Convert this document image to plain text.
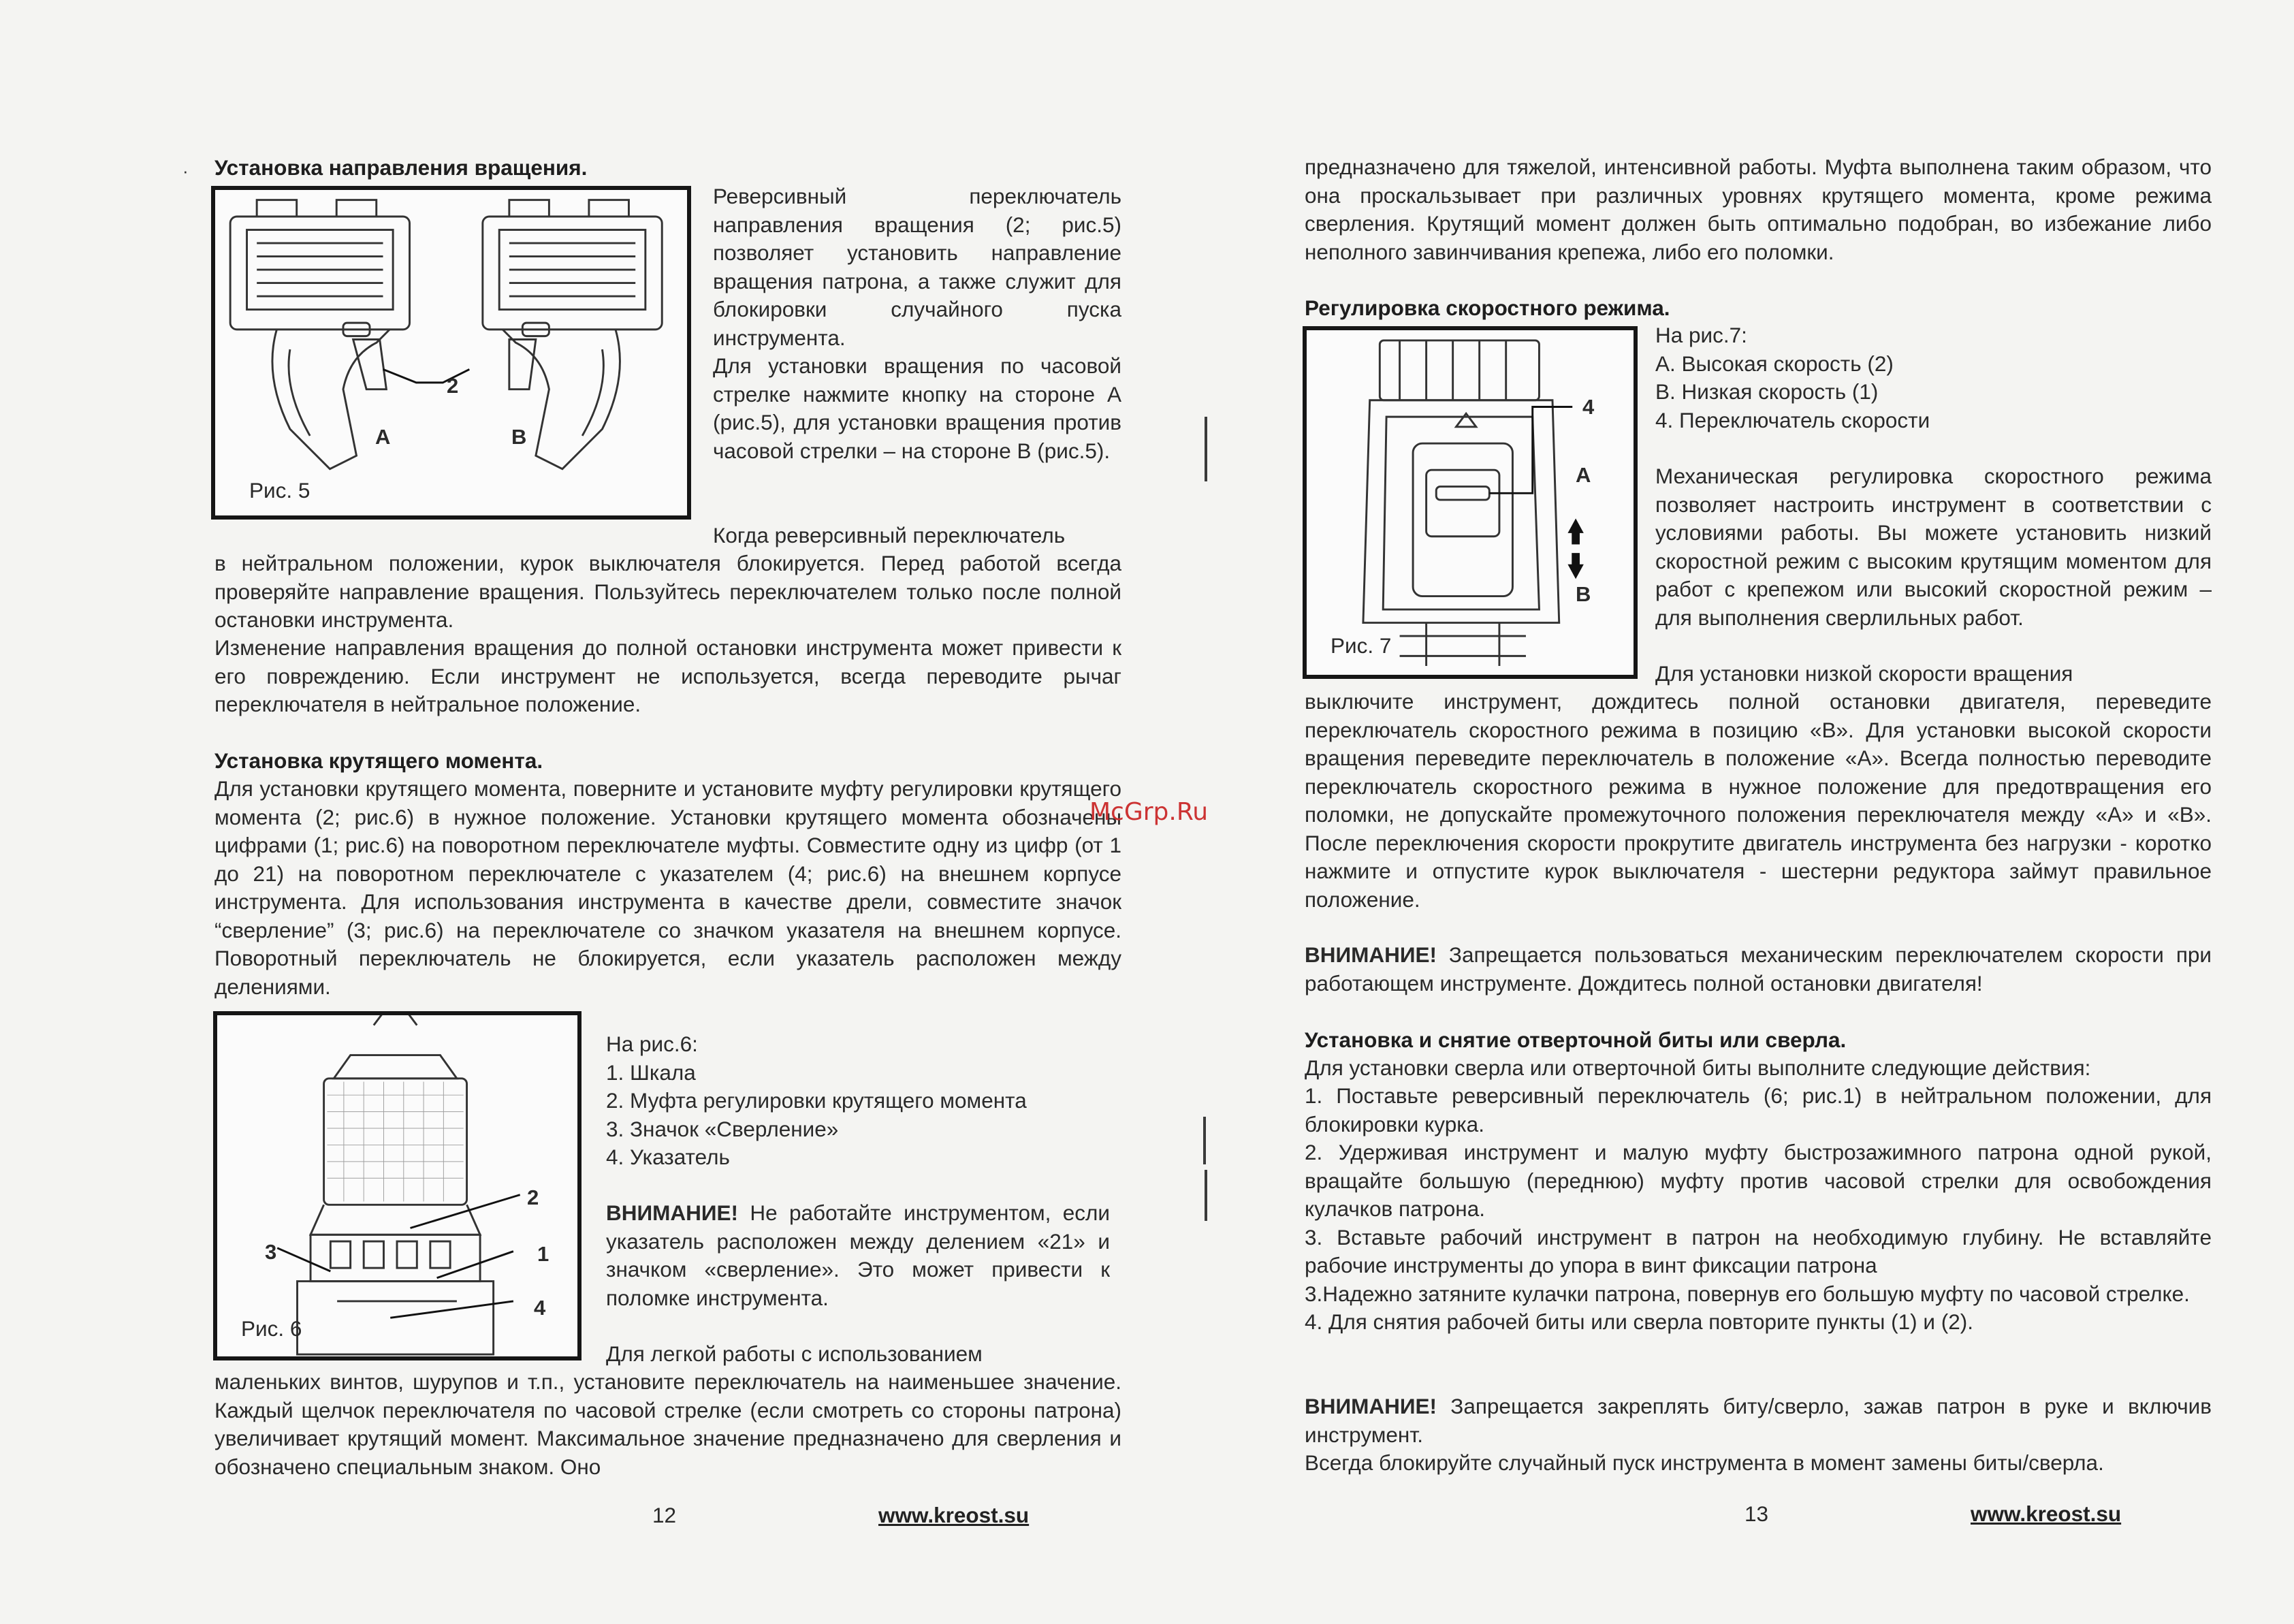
· Установка направления вращения.
2
A	B
Рис. 5

Реверсивный переключатель направления вращения (2; рис.5) позволяет установить направление вращения патрона, а также служит для блокировки случайного пуска инструмента.

Для установки вращения по часовой стрелке нажмите кнопку на стороне А (рис.5), для установки вращения против часовой стрелки – на стороне В (рис.5).

Когда реверсивный переключатель

в нейтральном положении, курок выключателя блокируется. Перед работой всегда проверяйте направление вращения. Пользуйтесь переключателем только после полной остановки инструмента.

Изменение направления вращения до полной остановки инструмента может привести к его повреждению. Если инструмент не используется, всегда переводите рычаг переключателя в нейтральное положение.

Установка крутящего момента.

Для установки крутящего момента, поверните и установите муфту регулировки крутящего момента (2; рис.6) в нужное положение. Установки крутящего момента обозначены цифрами (1; рис.6) на поворотном переключателе муфты. Совместите одну из цифр (от 1 до 21) на поворотном переключателе с указателем (4; рис.6) на внешнем корпусе инструмента. Для использования инструмента в качестве дрели, совместите значок “сверление” (3; рис.6) на переключателе со значком указателя на внешнем корпусе. Поворотный переключатель не блокируется, если указатель расположен между делениями.

2
3	1
4
Рис. 6
На рис.6:
1. Шкала
2. Муфта регулировки крутящего момента
3. Значок «Сверление»
4. Указатель

ВНИМАНИЕ! Не работайте инструментом, если указатель расположен между делением «21» и значком «сверление». Это может привести к поломке инструмента.

Для легкой работы с использованием

маленьких винтов, шурупов и т.п., установите переключатель на наименьшее значение. Каждый щелчок переключателя по часовой стрелке (если смотреть со стороны патрона) увеличивает крутящий момент. Максимальное значение предназначено для сверления и обозначено специальным знаком. Оно

12	www.kreost.su
McGrp.Ru

предназначено для тяжелой, интенсивной работы. Муфта выполнена таким образом, что она проскальзывает при различных уровнях крутящего момента, кроме режима сверления. Крутящий момент должен быть оптимально подобран, во избежание либо неполного завинчивания крепежа, либо его поломки.

Регулировка скоростного режима.
4
A
B
Рис. 7
На рис.7:
А. Высокая скорость (2)
В. Низкая скорость (1)
4. Переключатель скорости

Механическая регулировка скоростного режима позволяет настроить инструмент в соответствии с условиями работы. Вы можете установить низкий скоростной режим с высоким крутящим моментом для работ с крепежом или высокий скоростной режим – для выполнения сверлильных работ.

Для установки низкой скорости вращения

выключите инструмент, дождитесь полной остановки двигателя, переведите переключатель скоростного режима в позицию «В». Для установки высокой скорости вращения переведите переключатель в положение «А». Всегда полностью переводите переключатель скоростного режима в нужное положение для предотвращения его поломки, не допускайте промежуточного положения переключателя между «А» и «В». После переключения скорости прокрутите двигатель инструмента без нагрузки - коротко нажмите и отпустите курок выключателя - шестерни редуктора займут правильное положение.

ВНИМАНИЕ! Запрещается пользоваться механическим переключателем скорости при работающем инструменте. Дождитесь полной остановки двигателя!

Установка и снятие отверточной биты или сверла.

Для установки сверла или отверточной биты выполните следующие действия:

1. Поставьте реверсивный переключатель (6; рис.1) в нейтральном положении, для блокировки курка.

2. Удерживая инструмент и малую муфту быстрозажимного патрона одной рукой, вращайте большую (переднюю) муфту против часовой стрелки для освобождения кулачков патрона.

3. Вставьте рабочий инструмент в патрон на необходимую глубину. Не вставляйте рабочие инструменты до упора в винт фиксации патрона

3.Надежно затяните кулачки патрона, повернув его большую муфту по часовой стрелке.

4. Для снятия рабочей биты или сверла повторите пункты (1) и (2).

ВНИМАНИЕ! Запрещается закреплять биту/сверло, зажав патрон в руке и включив инструмент.

Всегда блокируйте случайный пуск инструмента в момент замены биты/сверла.

13	www.kreost.su
